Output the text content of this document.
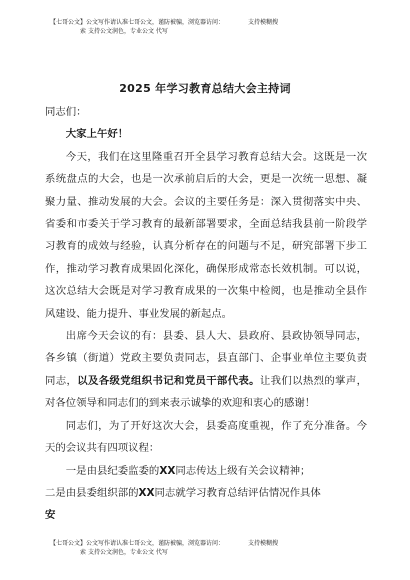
【七哥公文】公文写作请认准七哥公文，谨防被骗，浏览器访问：	支持模糊搜
索 支持公文润色，专业公文 代写
2025 年学习教育总结大会主持词

同志们：

大家上午好！

今天，我们在这里隆重召开全县学习教育总结大会。这既是一次系统盘点的大会，也是一次承前启后的大会，更是一次统一思想、凝聚力量、推动发展的大会。会议的主要任务是：深入贯彻落实中央、省委和市委关于学习教育的最新部署要求，全面总结我县前一阶段学习教育的成效与经验，认真分析存在的问题与不足，研究部署下步工作，推动学习教育成果固化深化，确保形成常态长效机制。可以说，这次总结大会既是对学习教育成果的一次集中检阅，也是推动全县作风建设、能力提升、事业发展的新起点。

出席今天会议的有：县委、县人大、县政府、县政协领导同志，各乡镇（街道）党政主要负责同志，县直部门、企事业单位主要负责同志，以及各级党组织书记和党员干部代表。让我们以热烈的掌声，对各位领导和同志们的到来表示诚挚的欢迎和衷心的感谢！

同志们，为了开好这次大会，县委高度重视，作了充分准备。今天的会议共有四项议程：

一是由县纪委监委的XX同志传达上级有关会议精神；

二是由县委组织部的XX同志就学习教育总结评估情况作具体
安

【七哥公文】公文写作请认准七哥公文，谨防被骗，浏览器访问：	支持模糊搜
索 支持公文润色，专业公文 代写
